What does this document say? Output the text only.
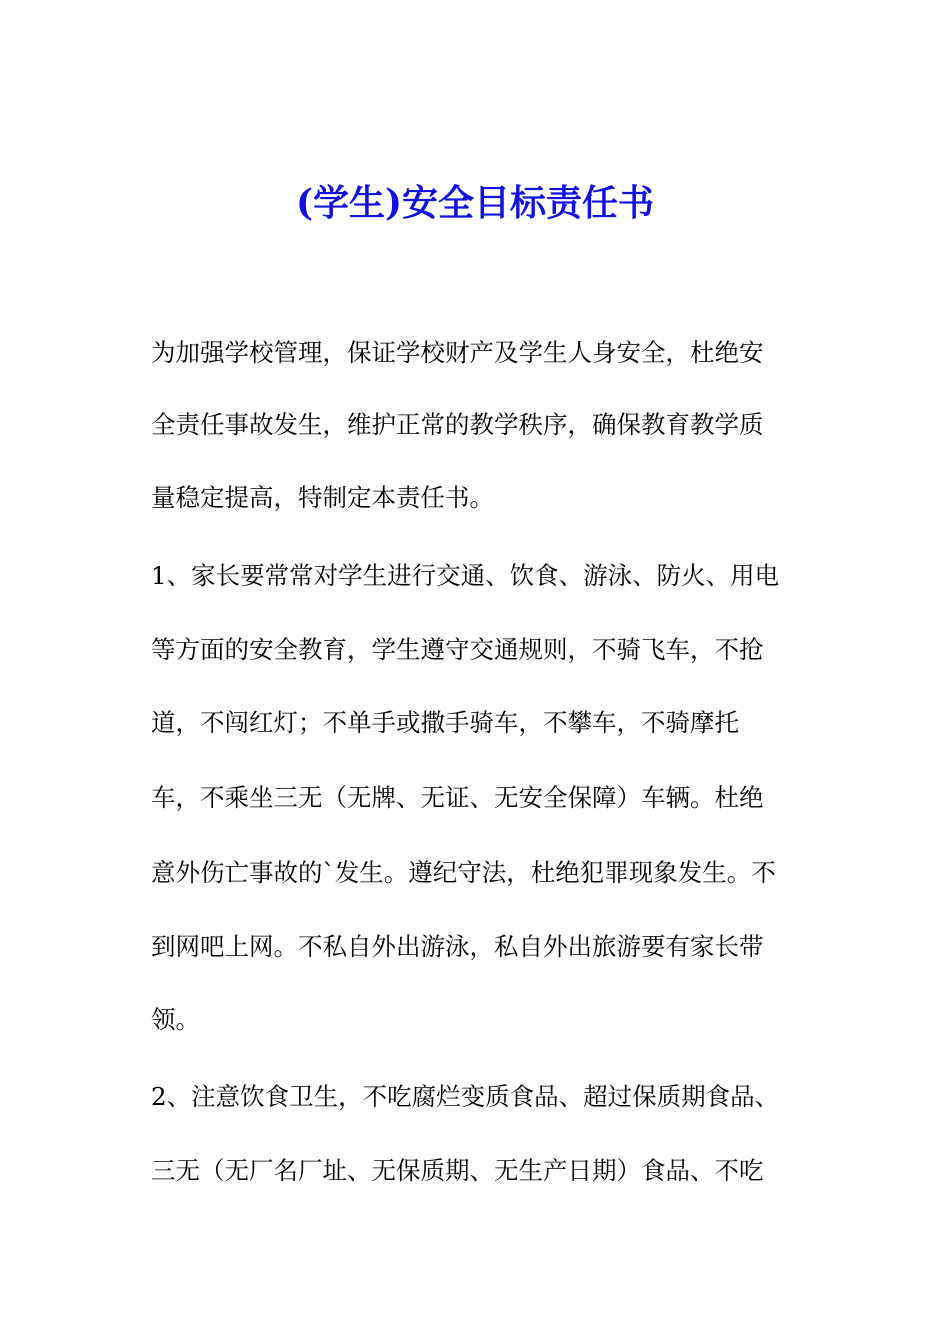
(学生)安全目标责任书
为加强学校管理，保证学校财产及学生人身安全，杜绝安
全责任事故发生，维护正常的教学秩序，确保教育教学质
量稳定提高，特制定本责任书。
1、家长要常常对学生进行交通、饮食、游泳、防火、用电
等方面的安全教育，学生遵守交通规则，不骑飞车，不抢
道，不闯红灯；不单手或撒手骑车，不攀车，不骑摩托
车，不乘坐三无（无牌、无证、无安全保障）车辆。杜绝
意外伤亡事故的`发生。遵纪守法，杜绝犯罪现象发生。不
到网吧上网。不私自外出游泳，私自外出旅游要有家长带
领。
2、注意饮食卫生，不吃腐烂变质食品、超过保质期食品、
三无（无厂名厂址、无保质期、无生产日期）食品、不吃
